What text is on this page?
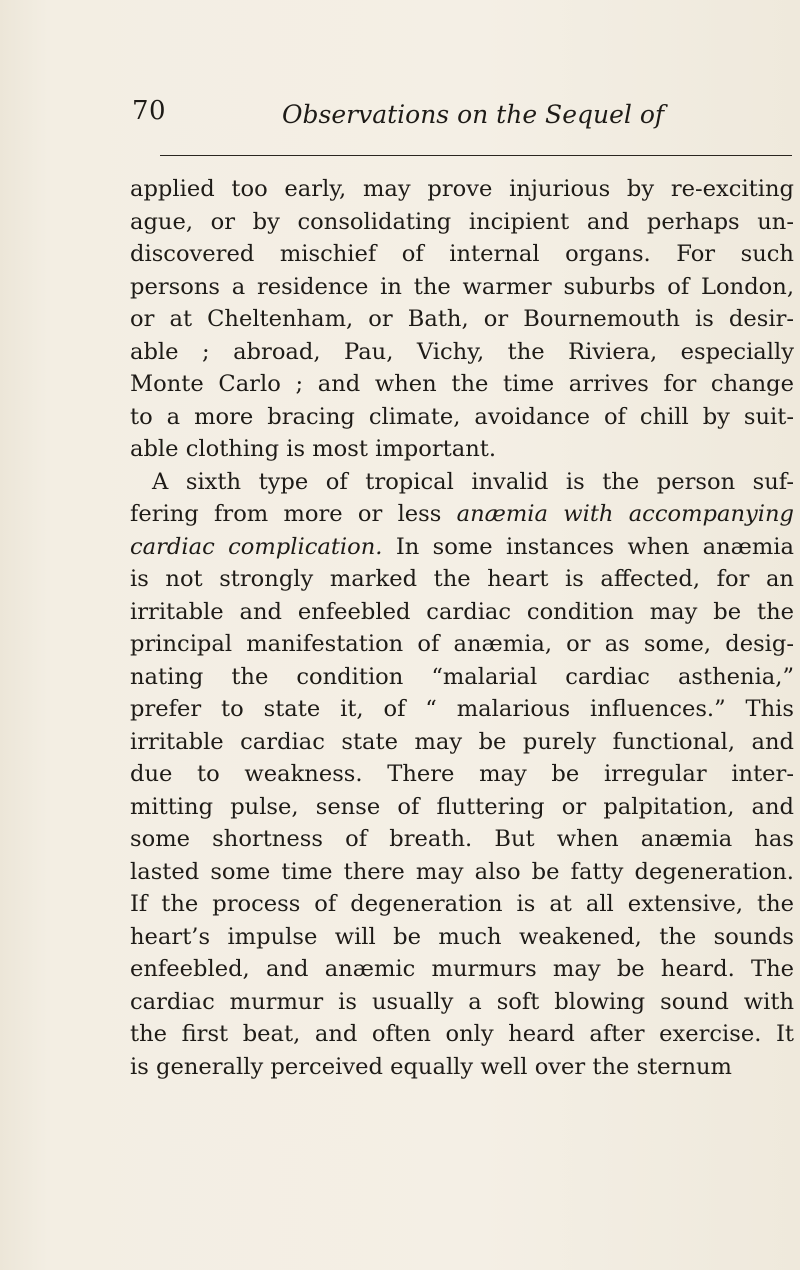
70	Observations on the Sequel of
applied too early, may prove injurious by re-exciting
ague, or by consolidating incipient and perhaps un-
discovered mischief of internal organs. For such
persons a residence in the warmer suburbs of London,
or at Cheltenham, or Bath, or Bournemouth is desir-
able ; abroad, Pau, Vichy, the Riviera, especially
Monte Carlo ; and when the time arrives for change
to a more bracing climate, avoidance of chill by suit-
able clothing is most important.
A sixth type of tropical invalid is the person suf-
fering from more or less anæmia with accompanying
cardiac complication. In some instances when anæmia
is not strongly marked the heart is affected, for an
irritable and enfeebled cardiac condition may be the
principal manifestation of anæmia, or as some, desig-
nating the condition “malarial cardiac asthenia,”
prefer to state it, of “ malarious influences.” This
irritable cardiac state may be purely functional, and
due to weakness. There may be irregular inter-
mitting pulse, sense of fluttering or palpitation, and
some shortness of breath. But when anæmia has
lasted some time there may also be fatty degeneration.
If the process of degeneration is at all extensive, the
heart’s impulse will be much weakened, the sounds
enfeebled, and anæmic murmurs may be heard. The
cardiac murmur is usually a soft blowing sound with
the first beat, and often only heard after exercise. It
is generally perceived equally well over the sternum
